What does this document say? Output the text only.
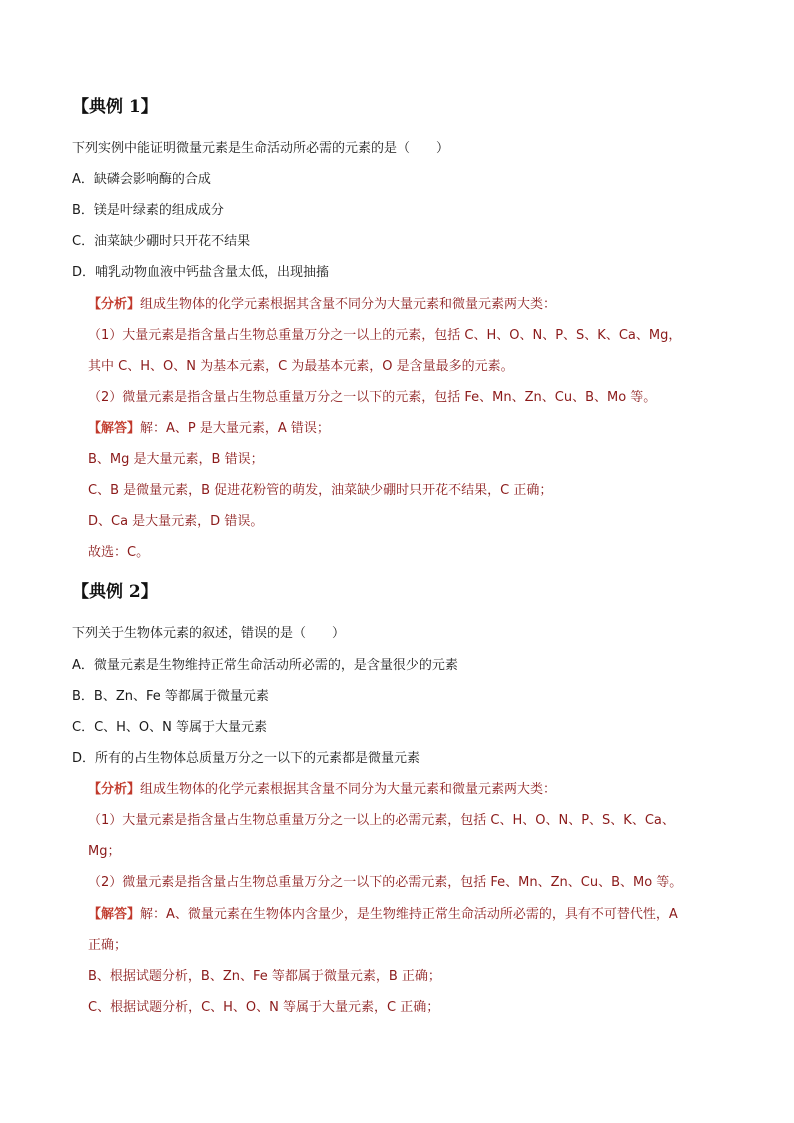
【典例 1】
下列实例中能证明微量元素是生命活动所必需的元素的是（　　）
A．缺磷会影响酶的合成
B．镁是叶绿素的组成成分
C．油菜缺少硼时只开花不结果
D．哺乳动物血液中钙盐含量太低，出现抽搐
【分析】组成生物体的化学元素根据其含量不同分为大量元素和微量元素两大类：
（1）大量元素是指含量占生物总重量万分之一以上的元素，包括 C、H、O、N、P、S、K、Ca、Mg，
其中 C、H、O、N 为基本元素，C 为最基本元素，O 是含量最多的元素。
（2）微量元素是指含量占生物总重量万分之一以下的元素，包括 Fe、Mn、Zn、Cu、B、Mo 等。
【解答】解：A、P 是大量元素，A 错误；
B、Mg 是大量元素，B 错误；
C、B 是微量元素，B 促进花粉管的萌发，油菜缺少硼时只开花不结果，C 正确；
D、Ca 是大量元素，D 错误。
故选：C。
【典例 2】
下列关于生物体元素的叙述，错误的是（　　）
A．微量元素是生物维持正常生命活动所必需的，是含量很少的元素
B．B、Zn、Fe 等都属于微量元素
C．C、H、O、N 等属于大量元素
D．所有的占生物体总质量万分之一以下的元素都是微量元素
【分析】组成生物体的化学元素根据其含量不同分为大量元素和微量元素两大类：
（1）大量元素是指含量占生物总重量万分之一以上的必需元素，包括 C、H、O、N、P、S、K、Ca、
Mg；
（2）微量元素是指含量占生物总重量万分之一以下的必需元素，包括 Fe、Mn、Zn、Cu、B、Mo 等。
【解答】解：A、微量元素在生物体内含量少，是生物维持正常生命活动所必需的，具有不可替代性，A
正确；
B、根据试题分析，B、Zn、Fe 等都属于微量元素，B 正确；
C、根据试题分析，C、H、O、N 等属于大量元素，C 正确；
